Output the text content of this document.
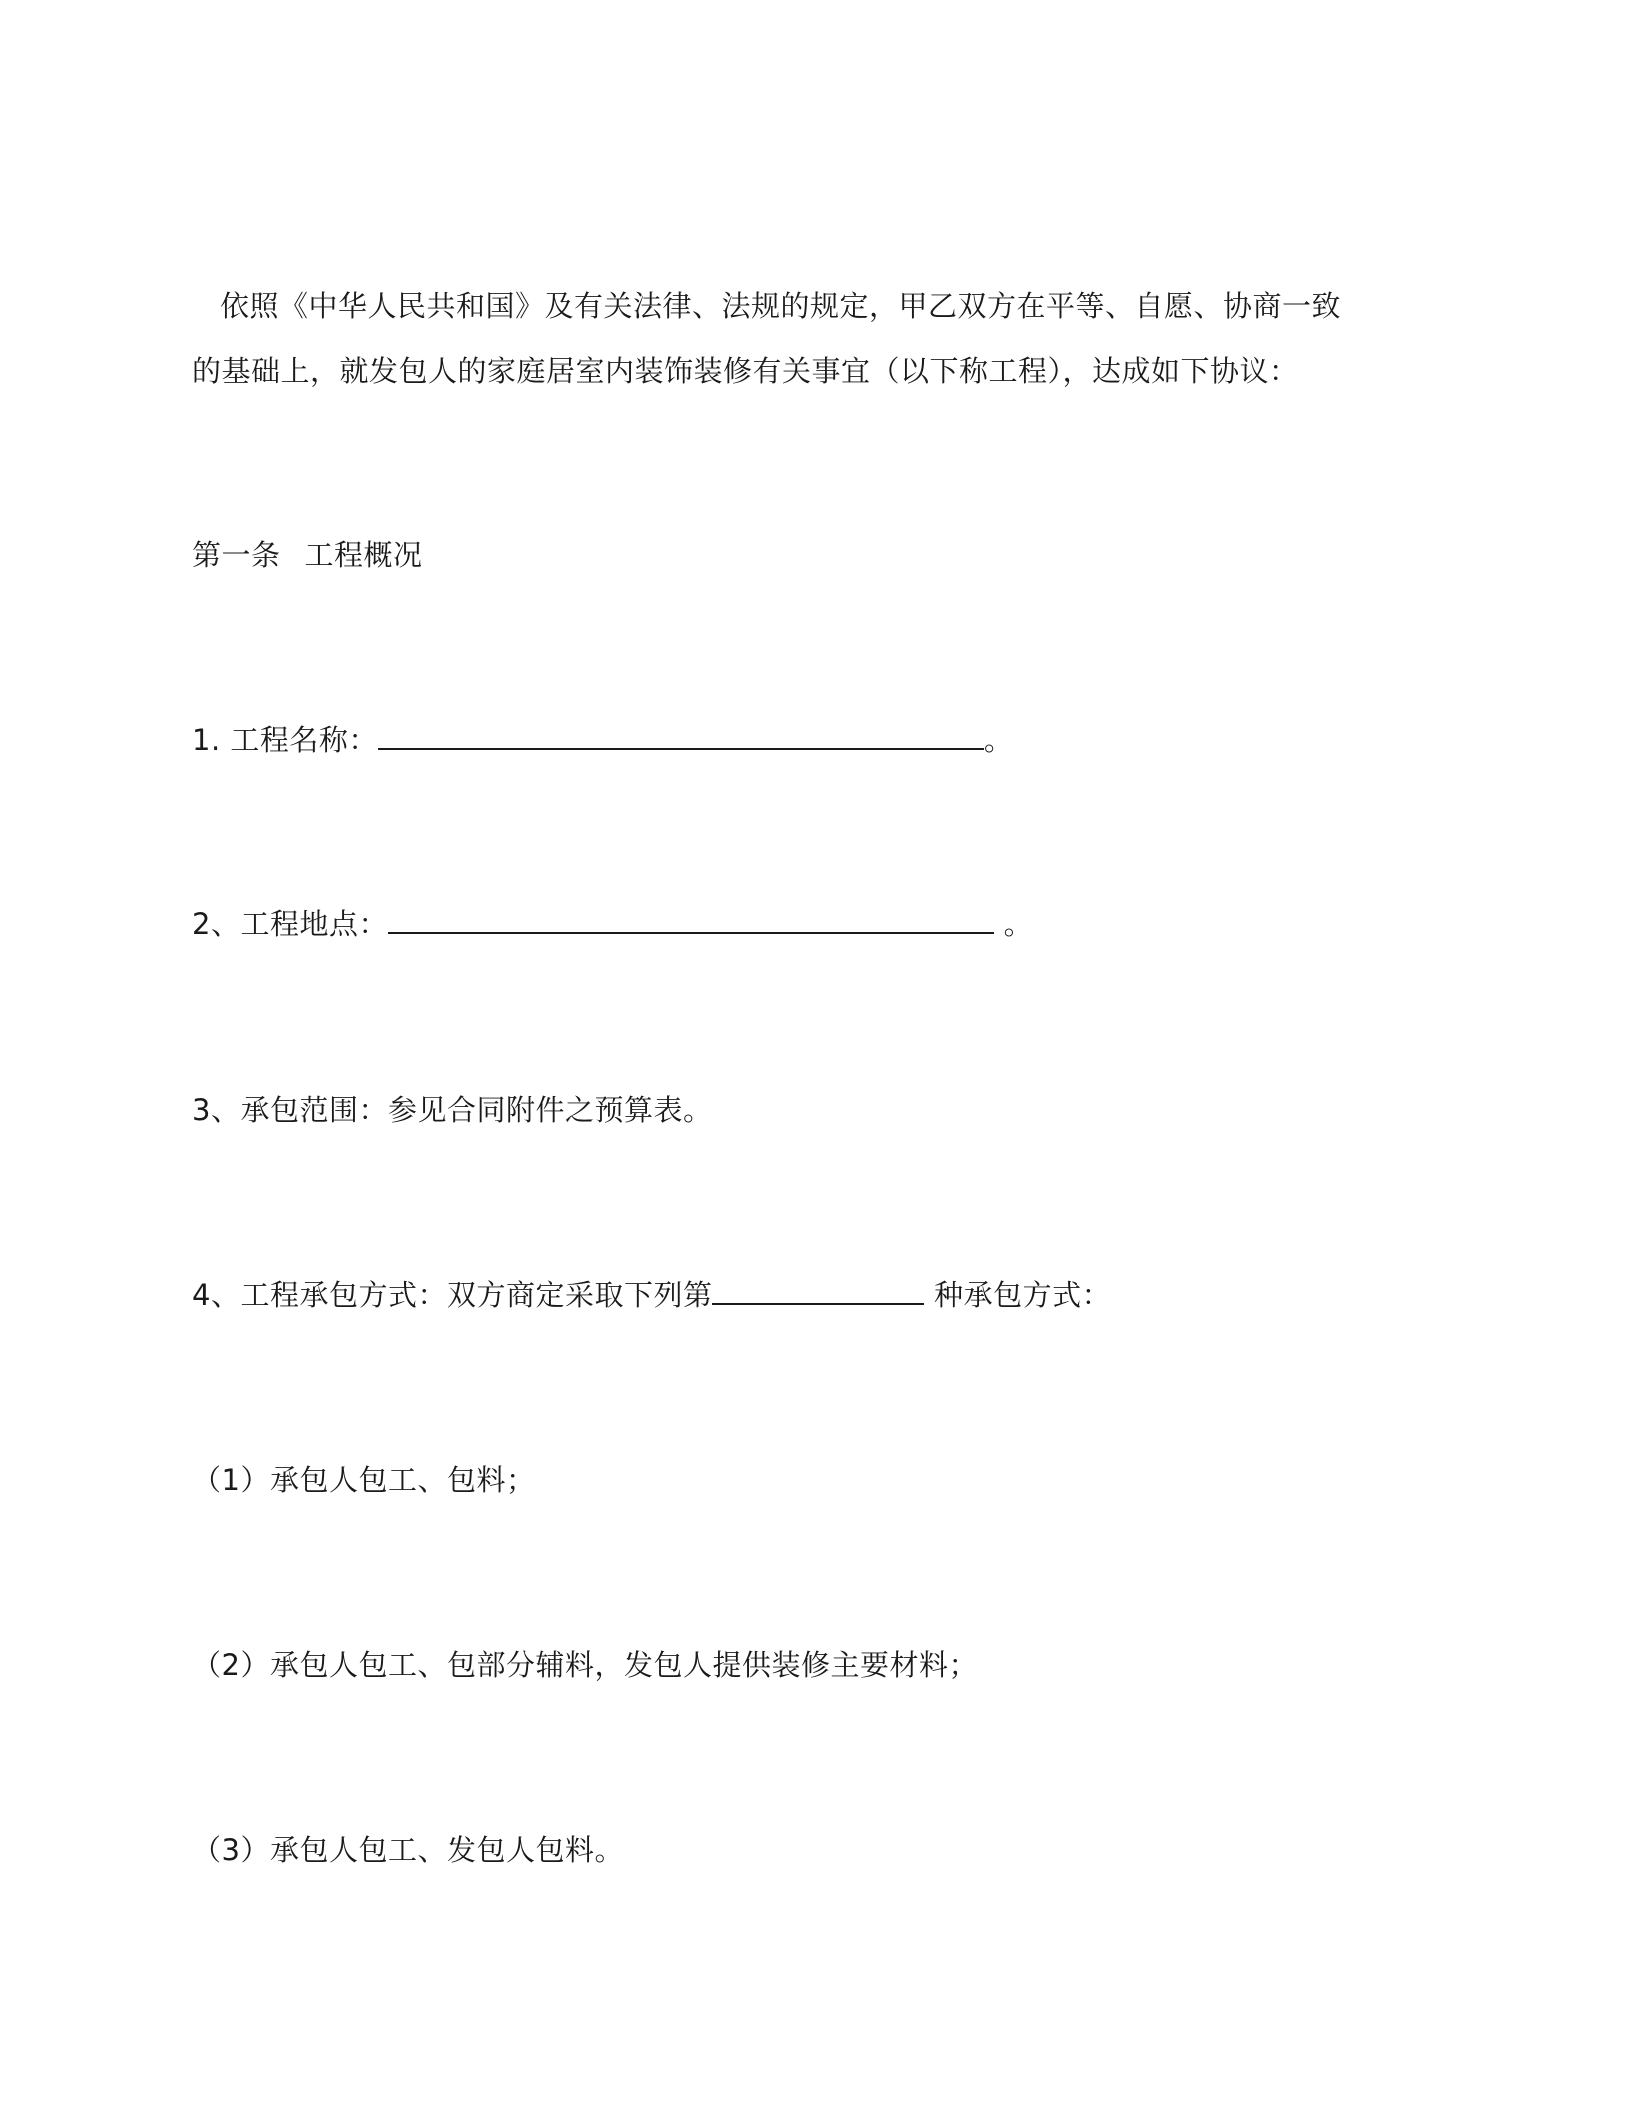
依照《中华人民共和国》及有关法律、法规的规定，甲乙双方在平等、自愿、协商一致
的基础上，就发包人的家庭居室内装饰装修有关事宜（以下称工程），达成如下协议：
第一条 工程概况
1. 工程名称：	。
2、工程地点：	。
3、承包范围：参见合同附件之预算表。
4、工程承包方式：双方商定采取下列第	种承包方式：
（1）承包人包工、包料；
（2）承包人包工、包部分辅料，发包人提供装修主要材料；
（3）承包人包工、发包人包料。
